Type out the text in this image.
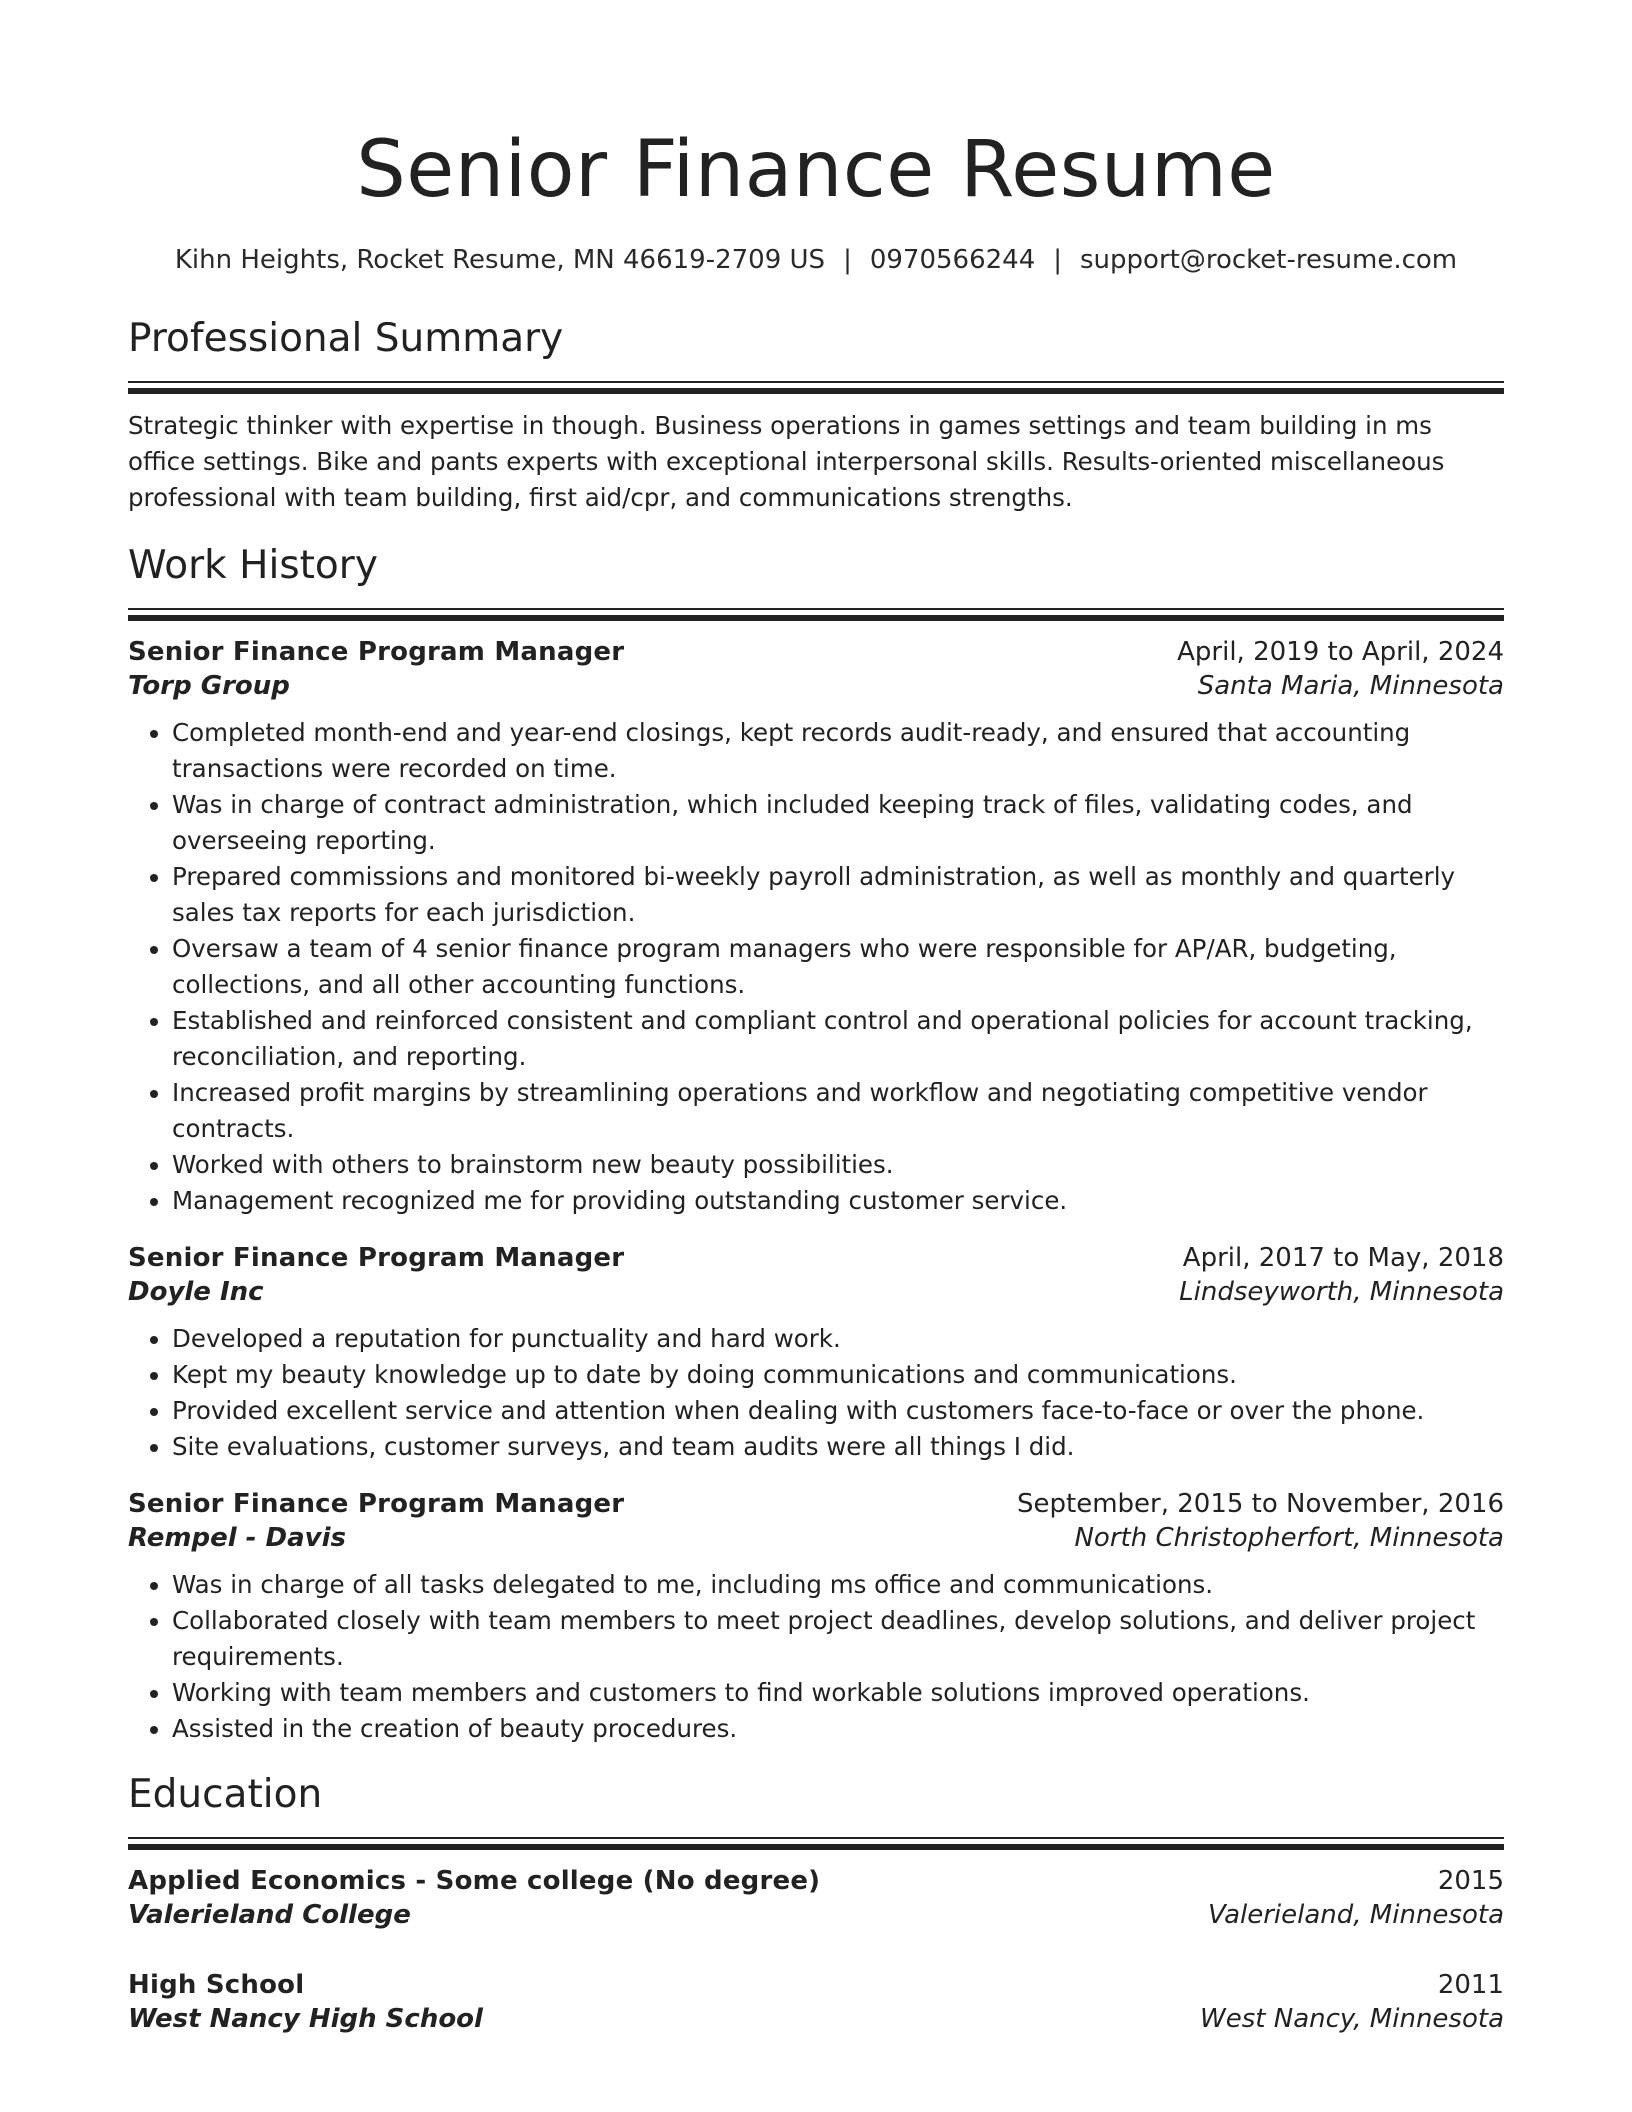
Senior Finance Resume
Kihn Heights, Rocket Resume, MN 46619-2709 US | 0970566244 | support@rocket-resume.com
Professional Summary

Strategic thinker with expertise in though. Business operations in games settings and team building in ms office settings. Bike and pants experts with exceptional interpersonal skills. Results-oriented miscellaneous professional with team building, first aid/cpr, and communications strengths.

Work History
Senior Finance Program Manager	April, 2019 to April, 2024
Torp Group	Santa Maria, Minnesota
• Completed month-end and year-end closings, kept records audit-ready, and ensured that accounting transactions were recorded on time.
• Was in charge of contract administration, which included keeping track of files, validating codes, and overseeing reporting.
• Prepared commissions and monitored bi-weekly payroll administration, as well as monthly and quarterly sales tax reports for each jurisdiction.
• Oversaw a team of 4 senior finance program managers who were responsible for AP/AR, budgeting, collections, and all other accounting functions.
• Established and reinforced consistent and compliant control and operational policies for account tracking, reconciliation, and reporting.
• Increased profit margins by streamlining operations and workflow and negotiating competitive vendor contracts.
• Worked with others to brainstorm new beauty possibilities.
• Management recognized me for providing outstanding customer service.
Senior Finance Program Manager	April, 2017 to May, 2018
Doyle Inc	Lindseyworth, Minnesota
• Developed a reputation for punctuality and hard work.
• Kept my beauty knowledge up to date by doing communications and communications.
• Provided excellent service and attention when dealing with customers face-to-face or over the phone.
• Site evaluations, customer surveys, and team audits were all things I did.
Senior Finance Program Manager	September, 2015 to November, 2016
Rempel - Davis	North Christopherfort, Minnesota
• Was in charge of all tasks delegated to me, including ms office and communications.
• Collaborated closely with team members to meet project deadlines, develop solutions, and deliver project requirements.
• Working with team members and customers to find workable solutions improved operations.
• Assisted in the creation of beauty procedures.
Education
Applied Economics - Some college (No degree)	2015
Valerieland College	Valerieland, Minnesota
High School	2011
West Nancy High School	West Nancy, Minnesota
